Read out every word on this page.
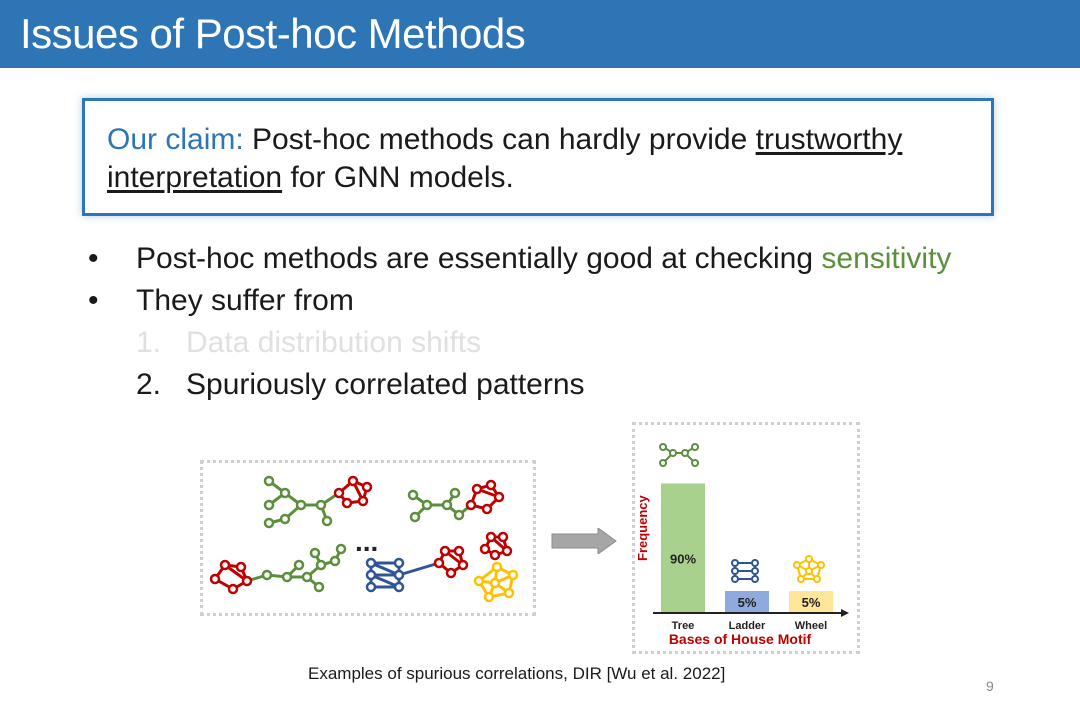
Issues of Post-hoc Methods
Our claim: Post-hoc methods can hardly provide trustworthy interpretation for GNN models.
•	Post-hoc methods are essentially good at checking sensitivity
•	They suffer from
1. Data distribution shifts
2. Spuriously correlated patterns
...	Frequency
Bases of House Motif
90%
Tree
5%
Ladder
5%
Wheel
Examples of spurious correlations, DIR [Wu et al. 2022]
9
